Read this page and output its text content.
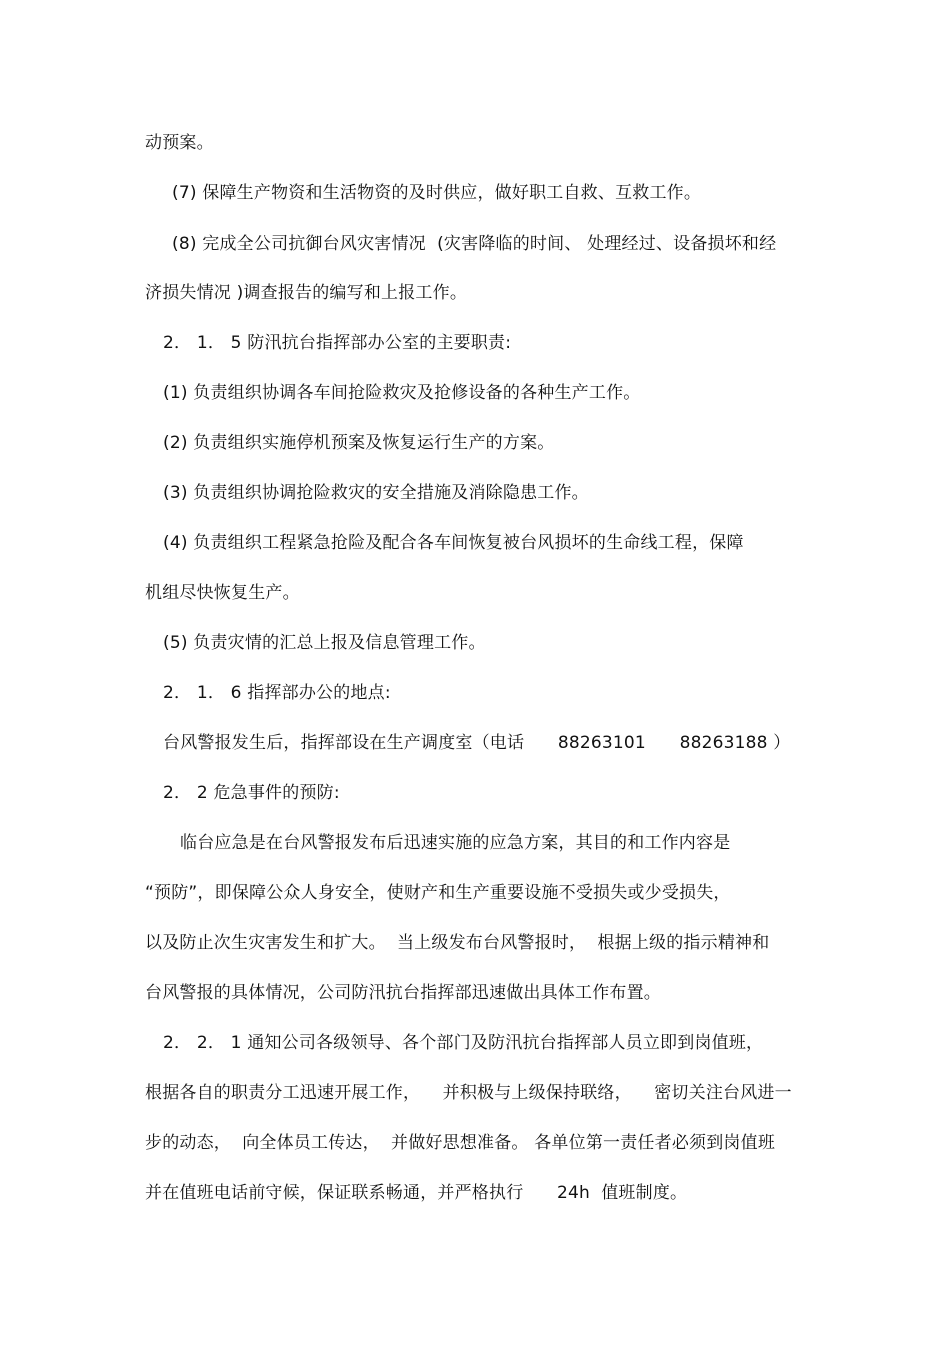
动预案。
(7) 保障生产物资和生活物资的及时供应，做好职工自救、互救工作。
(8) 完成全公司抗御台风灾害情况  (灾害降临的时间、 处理经过、设备损坏和经
济损失情况 )调查报告的编写和上报工作。
2． 1． 5 防汛抗台指挥部办公室的主要职责:
(1) 负责组织协调各车间抢险救灾及抢修设备的各种生产工作。
(2) 负责组织实施停机预案及恢复运行生产的方案。
(3) 负责组织协调抢险救灾的安全措施及消除隐患工作。
(4) 负责组织工程紧急抢险及配合各车间恢复被台风损坏的生命线工程，保障
机组尽快恢复生产。
(5) 负责灾情的汇总上报及信息管理工作。
2． 1． 6 指挥部办公的地点:
台风警报发生后，指挥部设在生产调度室（电话      88263101      88263188 ）
2． 2 危急事件的预防:
临台应急是在台风警报发布后迅速实施的应急方案，其目的和工作内容是
“预防”，即保障公众人身安全，使财产和生产重要设施不受损失或少受损失，
以及防止次生灾害发生和扩大。  当上级发布台风警报时，  根据上级的指示精神和
台风警报的具体情况，公司防汛抗台指挥部迅速做出具体工作布置。
2． 2． 1 通知公司各级领导、各个部门及防汛抗台指挥部人员立即到岗值班，
根据各自的职责分工迅速开展工作，    并积极与上级保持联络，    密切关注台风进一
步的动态，  向全体员工传达，  并做好思想准备。 各单位第一责任者必须到岗值班
并在值班电话前守候，保证联系畅通，并严格执行      24h  值班制度。
